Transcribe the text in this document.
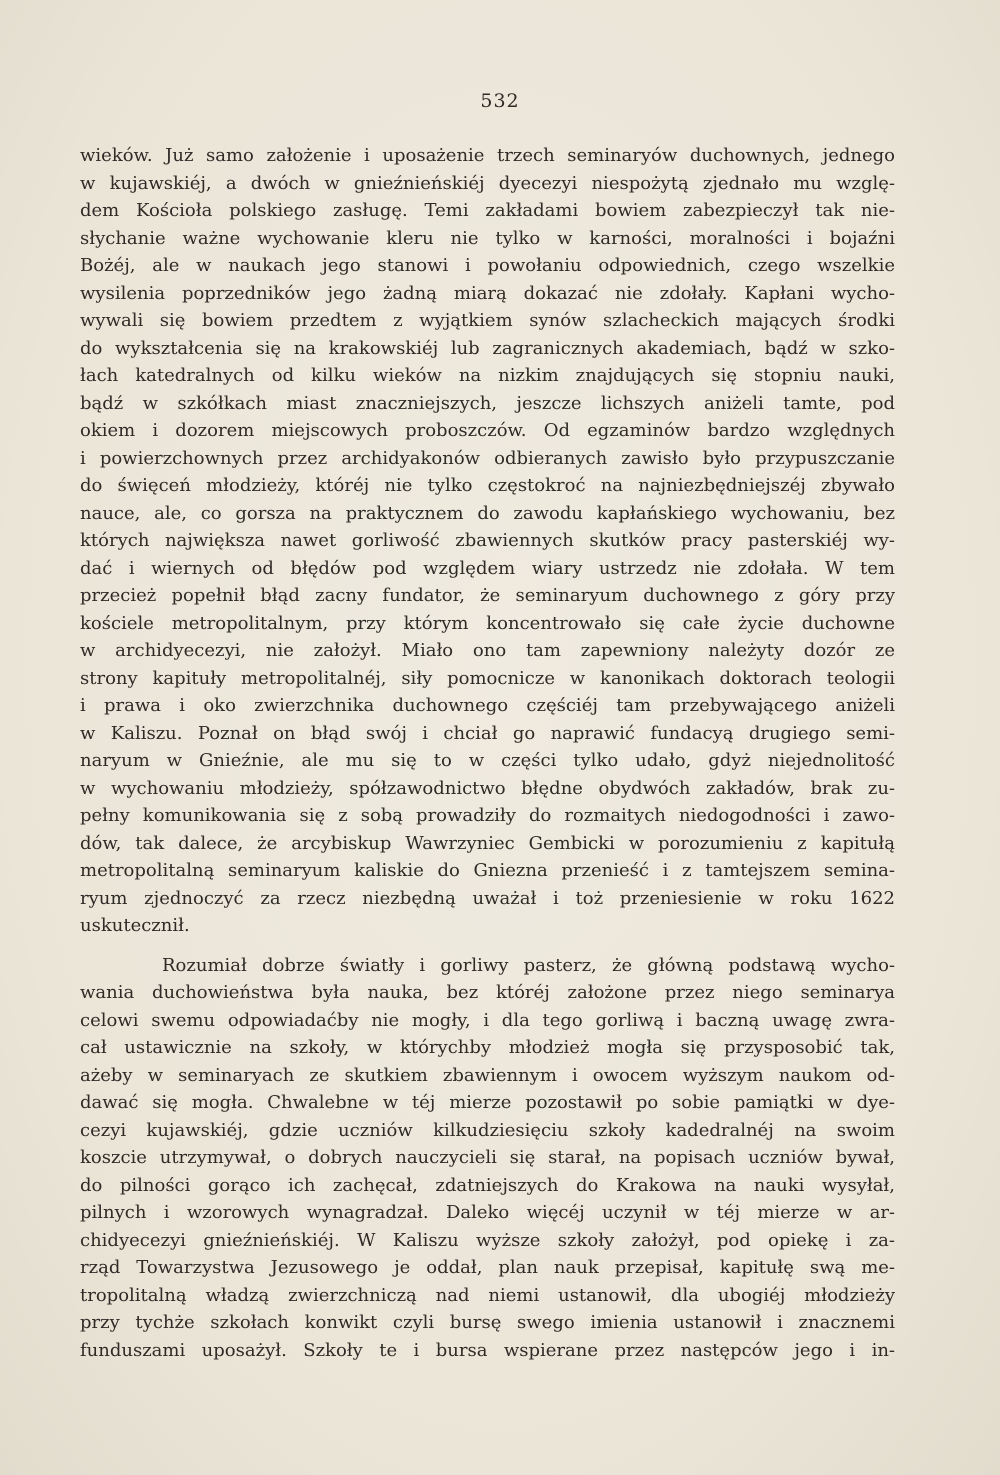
532
wieków. Już samo założenie i uposażenie trzech seminaryów duchownych, jednego
w kujawskiéj, a dwóch w gnieźnieńskiéj dyecezyi niespożytą zjednało mu wzglę-
dem Kościoła polskiego zasługę. Temi zakładami bowiem zabezpieczył tak nie-
słychanie ważne wychowanie kleru nie tylko w karności, moralności i bojaźni
Bożéj, ale w naukach jego stanowi i powołaniu odpowiednich, czego wszelkie
wysilenia poprzedników jego żadną miarą dokazać nie zdołały. Kapłani wycho-
wywali się bowiem przedtem z wyjątkiem synów szlacheckich mających środki
do wykształcenia się na krakowskiéj lub zagranicznych akademiach, bądź w szko-
łach katedralnych od kilku wieków na nizkim znajdujących się stopniu nauki,
bądź w szkółkach miast znaczniejszych, jeszcze lichszych aniżeli tamte, pod
okiem i dozorem miejscowych proboszczów. Od egzaminów bardzo względnych
i powierzchownych przez archidyakonów odbieranych zawisło było przypuszczanie
do święceń młodzieży, któréj nie tylko częstokroć na najniezbędniejszéj zbywało
nauce, ale, co gorsza na praktycznem do zawodu kapłańskiego wychowaniu, bez
których największa nawet gorliwość zbawiennych skutków pracy pasterskiéj wy-
dać i wiernych od błędów pod względem wiary ustrzedz nie zdołała. W tem
przecież popełnił błąd zacny fundator, że seminaryum duchownego z góry przy
kościele metropolitalnym, przy którym koncentrowało się całe życie duchowne
w archidyecezyi, nie założył. Miało ono tam zapewniony należyty dozór ze
strony kapituły metropolitalnéj, siły pomocnicze w kanonikach doktorach teologii
i prawa i oko zwierzchnika duchownego częściéj tam przebywającego aniżeli
w Kaliszu. Poznał on błąd swój i chciał go naprawić fundacyą drugiego semi-
naryum w Gnieźnie, ale mu się to w części tylko udało, gdyż niejednolitość
w wychowaniu młodzieży, spółzawodnictwo błędne obydwóch zakładów, brak zu-
pełny komunikowania się z sobą prowadziły do rozmaitych niedogodności i zawo-
dów, tak dalece, że arcybiskup Wawrzyniec Gembicki w porozumieniu z kapitułą
metropolitalną seminaryum kaliskie do Gniezna przenieść i z tamtejszem semina-
ryum zjednoczyć za rzecz niezbędną uważał i toż przeniesienie w roku 1622
uskutecznił.
Rozumiał dobrze światły i gorliwy pasterz, że główną podstawą wycho-
wania duchowieństwa była nauka, bez któréj założone przez niego seminarya
celowi swemu odpowiadaćby nie mogły, i dla tego gorliwą i baczną uwagę zwra-
cał ustawicznie na szkoły, w którychby młodzież mogła się przysposobić tak,
ażeby w seminaryach ze skutkiem zbawiennym i owocem wyższym naukom od-
dawać się mogła. Chwalebne w téj mierze pozostawił po sobie pamiątki w dye-
cezyi kujawskiéj, gdzie uczniów kilkudziesięciu szkoły kadedralnéj na swoim
koszcie utrzymywał, o dobrych nauczycieli się starał, na popisach uczniów bywał,
do pilności gorąco ich zachęcał, zdatniejszych do Krakowa na nauki wysyłał,
pilnych i wzorowych wynagradzał. Daleko więcéj uczynił w téj mierze w ar-
chidyecezyi gnieźnieńskiéj. W Kaliszu wyższe szkoły założył, pod opiekę i za-
rząd Towarzystwa Jezusowego je oddał, plan nauk przepisał, kapitułę swą me-
tropolitalną władzą zwierzchniczą nad niemi ustanowił, dla ubogiéj młodzieży
przy tychże szkołach konwikt czyli bursę swego imienia ustanowił i znacznemi
funduszami uposażył. Szkoły te i bursa wspierane przez następców jego i in-
